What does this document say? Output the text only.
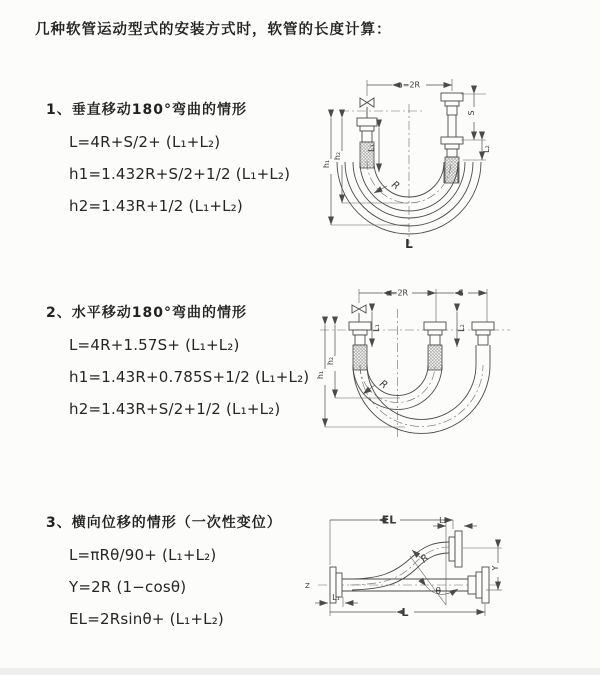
几种软管运动型式的安装方式时，软管的长度计算：
1、垂直移动180°弯曲的情形
L=4R+S/2+ (L₁+L₂)
h1=1.432R+S/2+1/2 (L₁+L₂)
h2=1.43R+1/2 (L₁+L₂)
2、水平移动180°弯曲的情形
L=4R+1.57S+ (L₁+L₂)
h1=1.43R+0.785S+1/2 (L₁+L₂)
h2=1.43R+S/2+1/2 (L₁+L₂)
3、横向位移的情形（一次性变位）
L=πRθ/90+ (L₁+L₂)
Y=2R (1−cosθ)
EL=2Rsinθ+ (L₁+L₂)
a=2R
h₁
h₂
L₁
S
L₂
R
L
a=2R	S
L₁	L₂
h₁
h₂
R
Z
EL	L₂
Y
θ
R
L
L₁
